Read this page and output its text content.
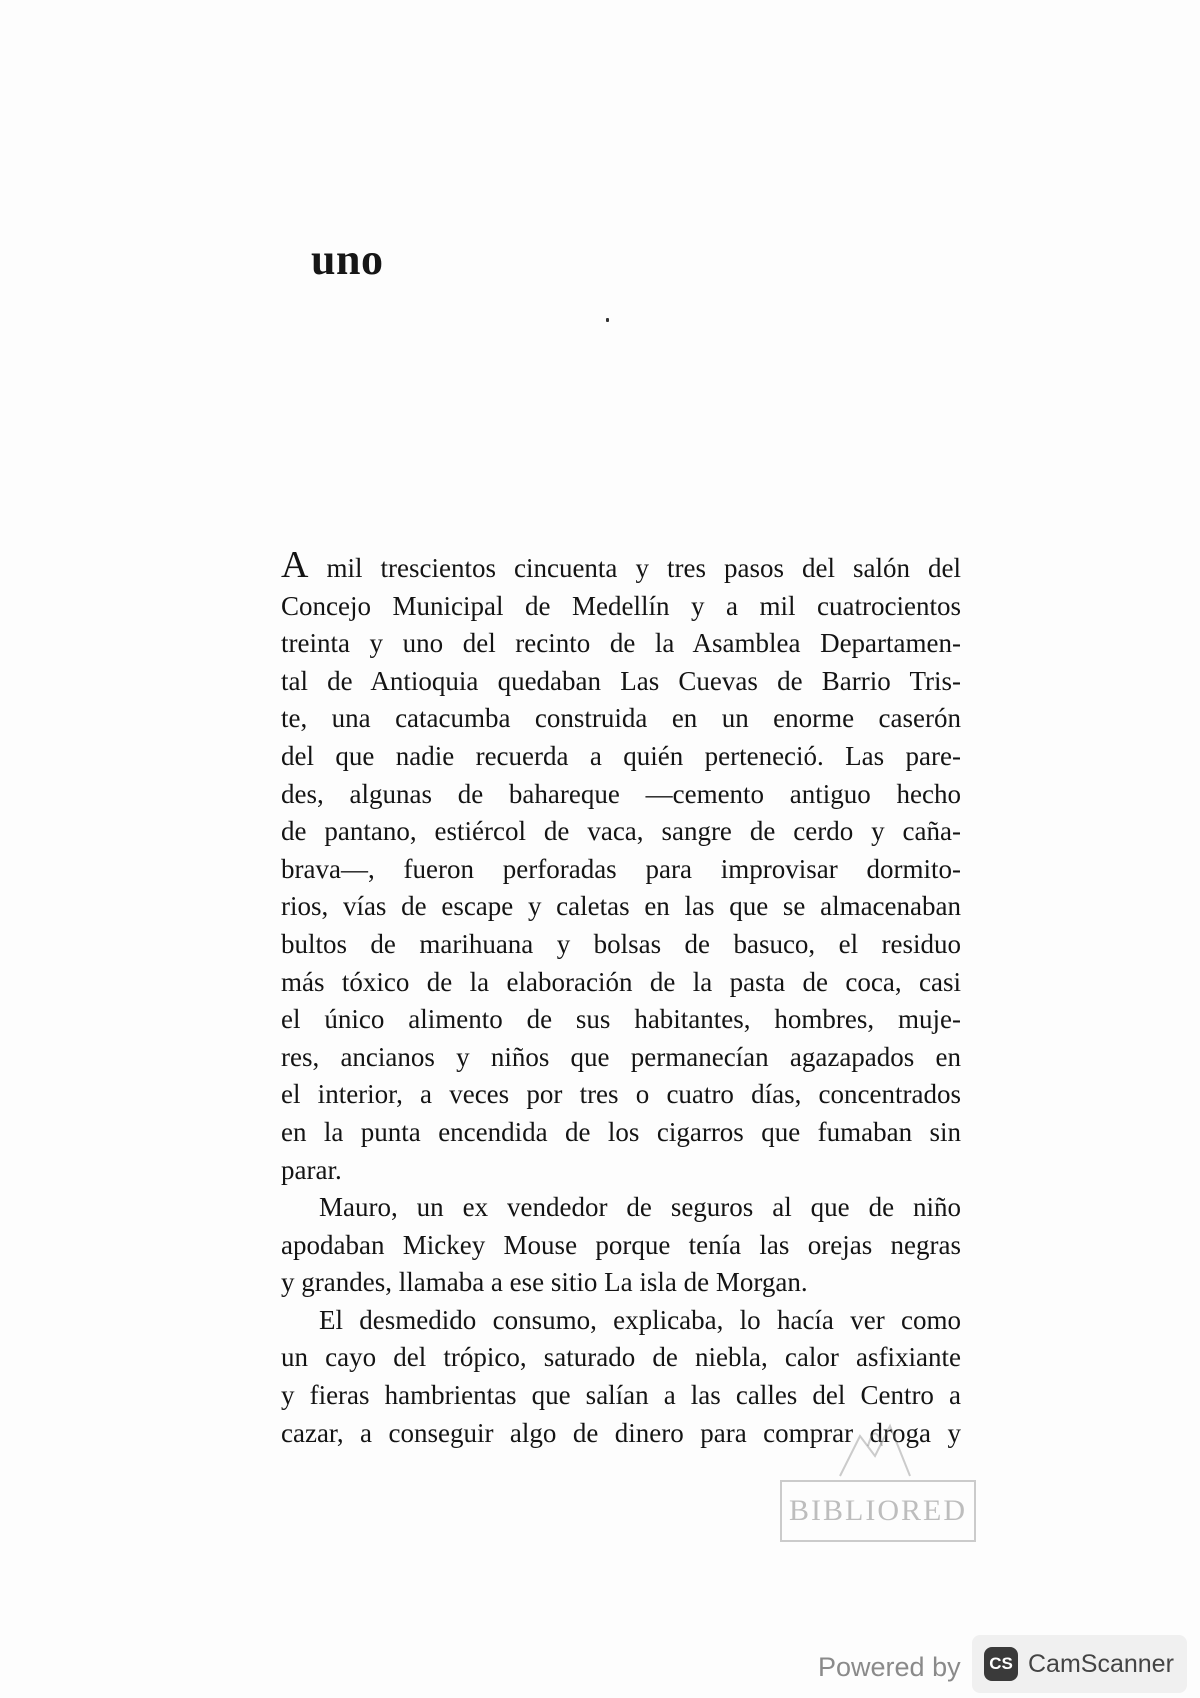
uno

A mil trescientos cincuenta y tres pasos del salón del
Concejo Municipal de Medellín y a mil cuatrocientos
treinta y uno del recinto de la Asamblea Departamen-
tal de Antioquia quedaban Las Cuevas de Barrio Tris-
te, una catacumba construida en un enorme caserón
del que nadie recuerda a quién perteneció. Las pare-
des, algunas de bahareque —cemento antiguo hecho
de pantano, estiércol de vaca, sangre de cerdo y caña-
brava—, fueron perforadas para improvisar dormito-
rios, vías de escape y caletas en las que se almacenaban
bultos de marihuana y bolsas de basuco, el residuo
más tóxico de la elaboración de la pasta de coca, casi
el único alimento de sus habitantes, hombres, muje-
res, ancianos y niños que permanecían agazapados en
el interior, a veces por tres o cuatro días, concentrados
en la punta encendida de los cigarros que fumaban sin
parar.

Mauro, un ex vendedor de seguros al que de niño
apodaban Mickey Mouse porque tenía las orejas negras
y grandes, llamaba a ese sitio La isla de Morgan.

El desmedido consumo, explicaba, lo hacía ver como
un cayo del trópico, saturado de niebla, calor asfixiante
y fieras hambrientas que salían a las calles del Centro a
cazar, a conseguir algo de dinero para comprar droga y

BIBLIORED
Powered by	CS CamScanner
